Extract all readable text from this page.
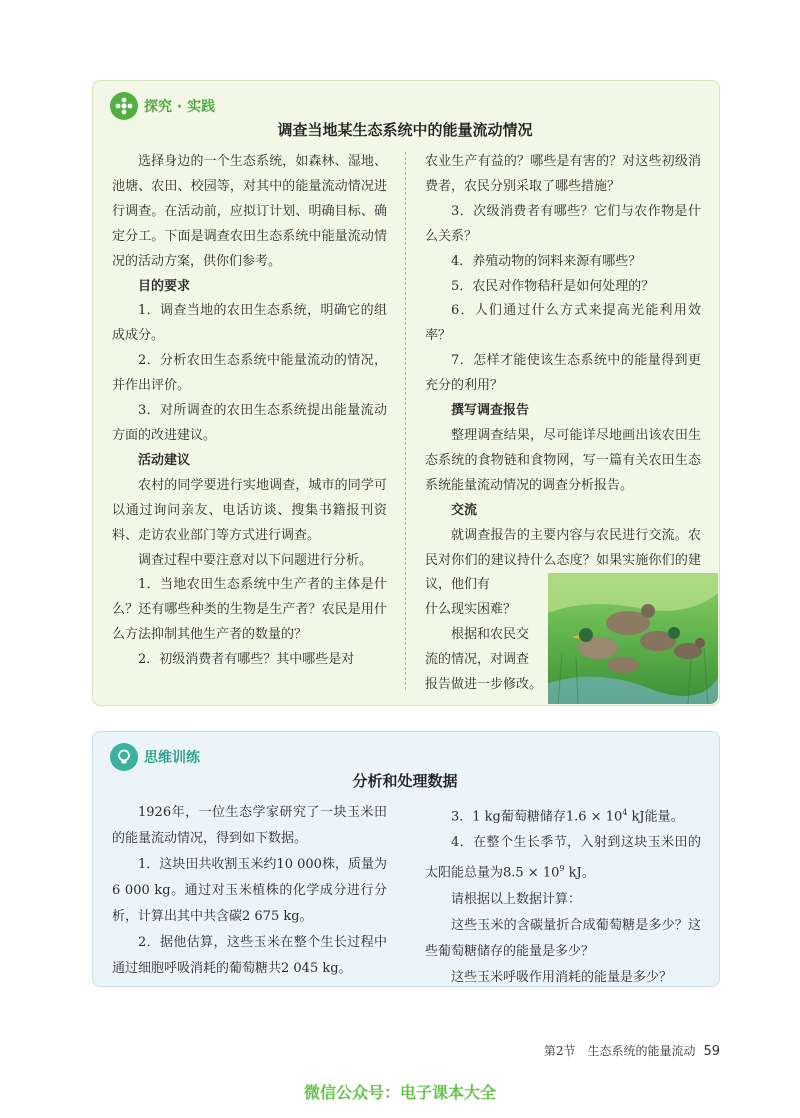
探究 · 实践
调查当地某生态系统中的能量流动情况

选择身边的一个生态系统，如森林、湿地、池塘、农田、校园等，对其中的能量流动情况进行调查。在活动前，应拟订计划、明确目标、确定分工。下面是调查农田生态系统中能量流动情况的活动方案，供你们参考。

目的要求

1．调查当地的农田生态系统，明确它的组成成分。

2．分析农田生态系统中能量流动的情况，并作出评价。

3．对所调查的农田生态系统提出能量流动方面的改进建议。

活动建议

农村的同学要进行实地调查，城市的同学可以通过询问亲友、电话访谈、搜集书籍报刊资料、走访农业部门等方式进行调查。

调查过程中要注意对以下问题进行分析。

1．当地农田生态系统中生产者的主体是什么？还有哪些种类的生物是生产者？农民是用什么方法抑制其他生产者的数量的？

2．初级消费者有哪些？其中哪些是对

农业生产有益的？哪些是有害的？对这些初级消费者，农民分别采取了哪些措施？

3．次级消费者有哪些？它们与农作物是什么关系？

4．养殖动物的饲料来源有哪些？

5．农民对作物秸秆是如何处理的？

6．人们通过什么方式来提高光能利用效率？

7．怎样才能使该生态系统中的能量得到更充分的利用？

撰写调查报告

整理调查结果，尽可能详尽地画出该农田生态系统的食物链和食物网，写一篇有关农田生态系统能量流动情况的调查分析报告。

交流

就调查报告的主要内容与农民进行交流。农民对你们的建议持什么态度？如果实施你们的建议，他们有

什么现实困难？

根据和农民交

流的情况，对调查

报告做进一步修改。

思维训练
分析和处理数据

1926年，一位生态学家研究了一块玉米田的能量流动情况，得到如下数据。

1．这块田共收割玉米约10 000株，质量为6 000 kg。通过对玉米植株的化学成分进行分析，计算出其中共含碳2 675 kg。

2．据他估算，这些玉米在整个生长过程中通过细胞呼吸消耗的葡萄糖共2 045 kg。

3．1 kg葡萄糖储存$1.6 \times 10^4$ kJ能量。

4．在整个生长季节，入射到这块玉米田的太阳能总量为$8.5 \times 10^9$ kJ。

请根据以上数据计算：

这些玉米的含碳量折合成葡萄糖是多少？这些葡萄糖储存的能量是多少？

这些玉米呼吸作用消耗的能量是多少？

第2节　生态系统的能量流动 59
微信公众号：电子课本大全
